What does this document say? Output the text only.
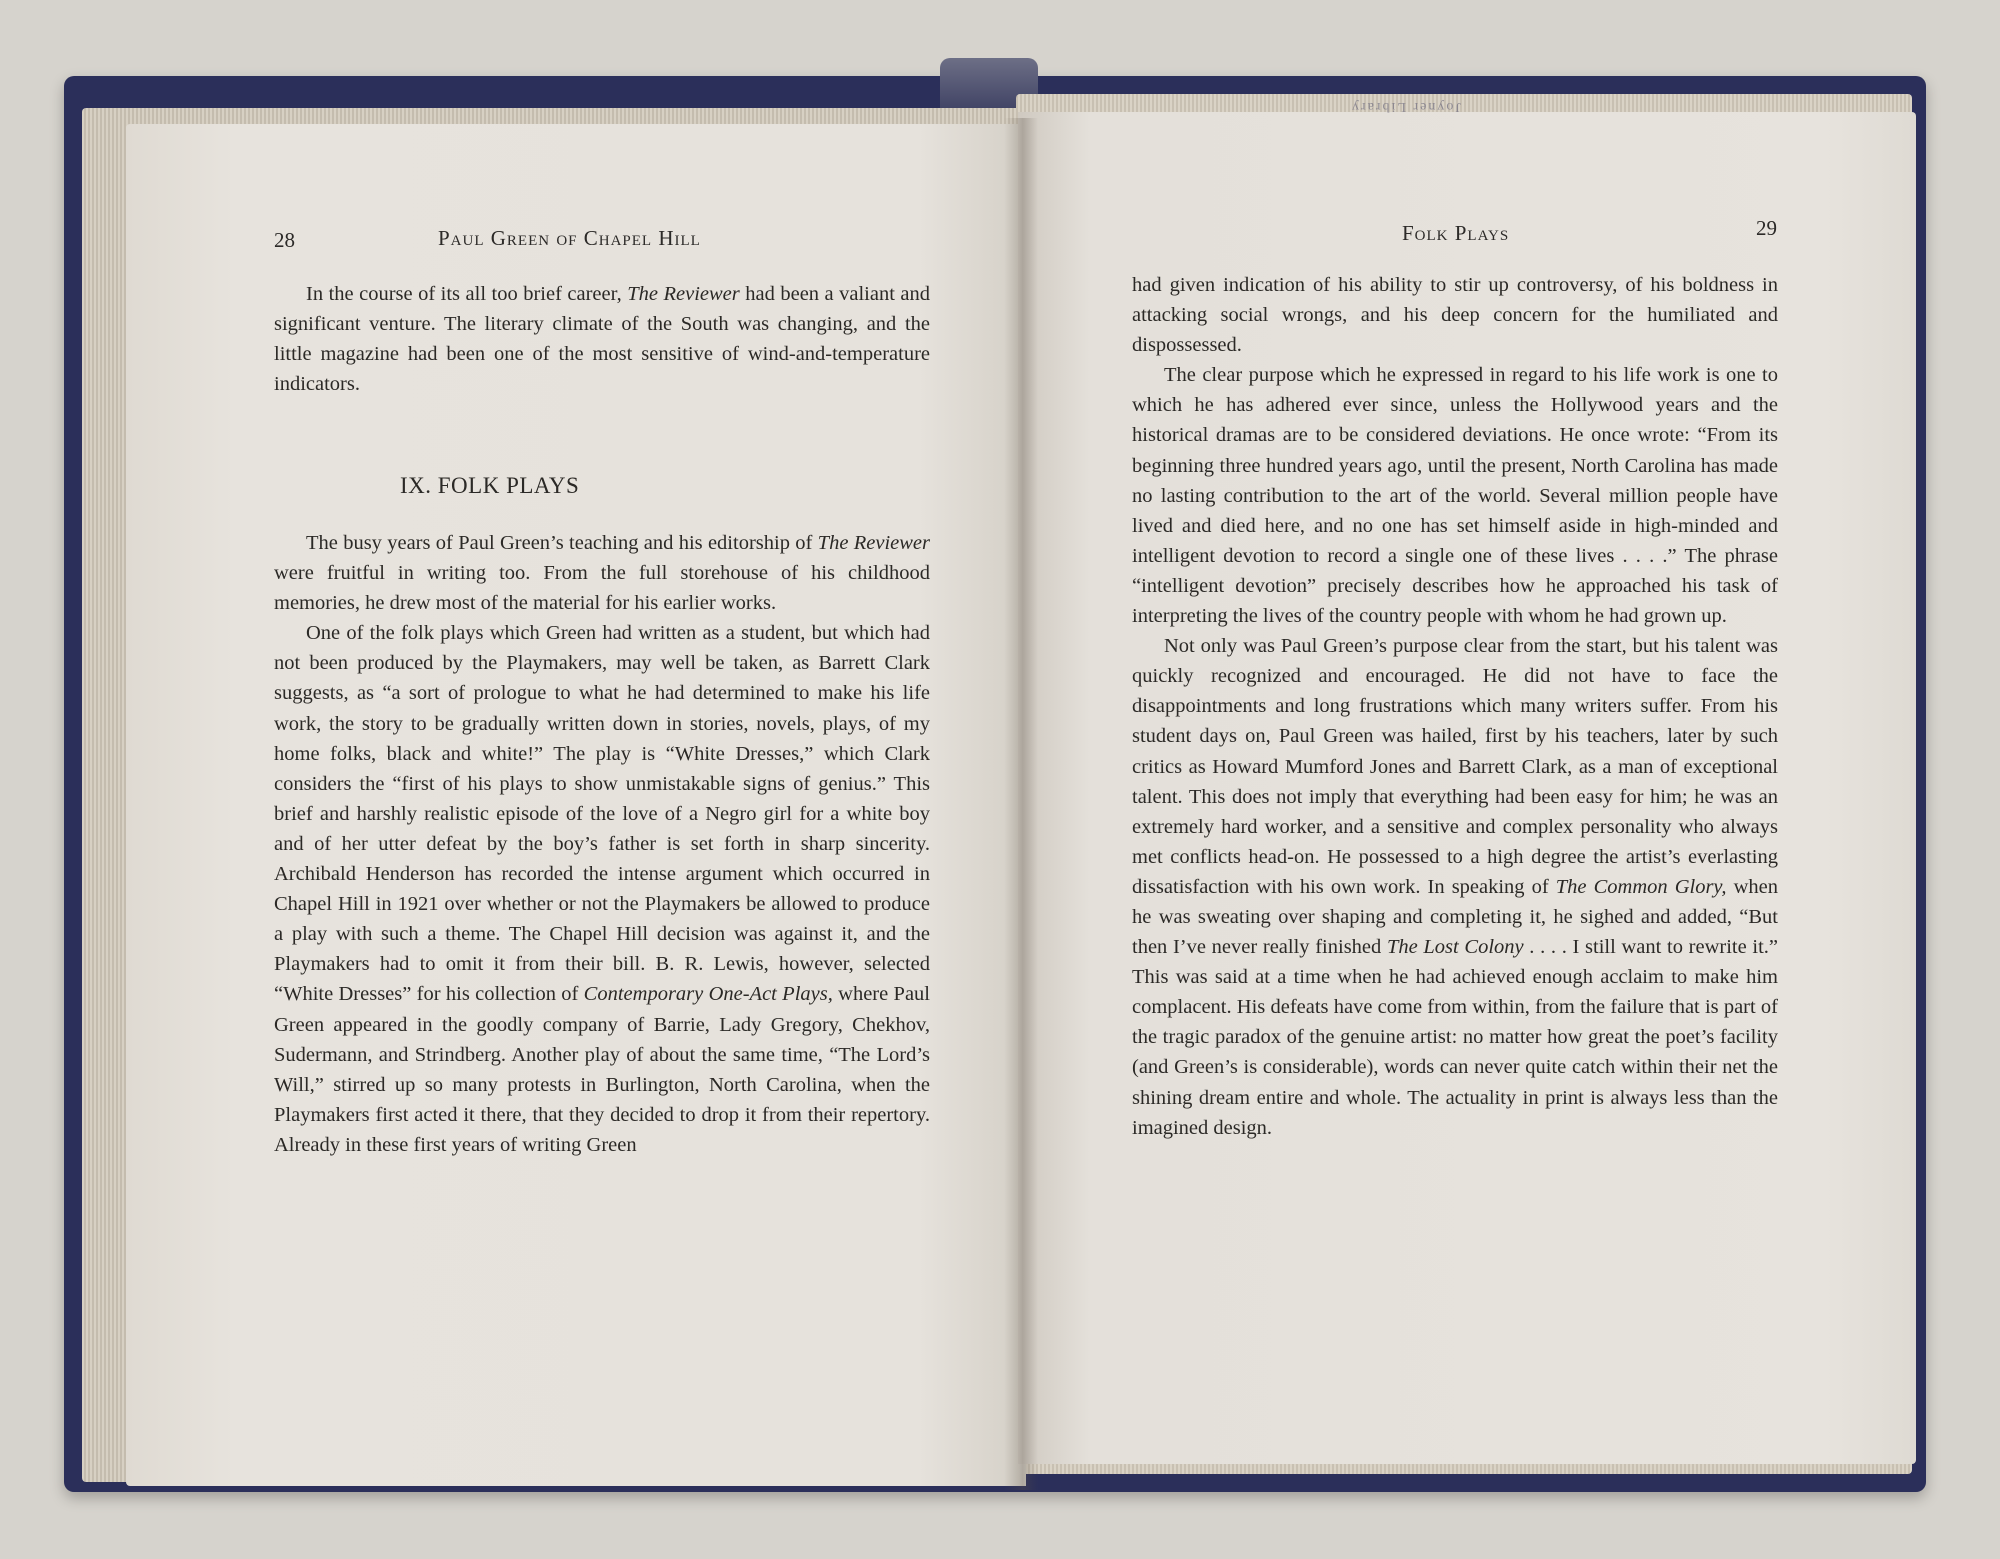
Joyner Library
28	Paul Green of Chapel Hill

In the course of its all too brief career, The Reviewer had been a valiant and significant venture. The literary climate of the South was changing, and the little magazine had been one of the most sensitive of wind-and-temperature indicators.

IX. FOLK PLAYS

The busy years of Paul Green’s teaching and his editorship of The Reviewer were fruitful in writing too. From the full storehouse of his childhood memories, he drew most of the material for his earlier works.

One of the folk plays which Green had written as a student, but which had not been produced by the Playmakers, may well be taken, as Barrett Clark suggests, as “a sort of prologue to what he had determined to make his life work, the story to be gradually written down in stories, novels, plays, of my home folks, black and white!” The play is “White Dresses,” which Clark considers the “first of his plays to show unmistakable signs of genius.” This brief and harshly realistic episode of the love of a Negro girl for a white boy and of her utter defeat by the boy’s father is set forth in sharp sincerity. Archibald Henderson has recorded the intense argument which occurred in Chapel Hill in 1921 over whether or not the Playmakers be allowed to produce a play with such a theme. The Chapel Hill decision was against it, and the Playmakers had to omit it from their bill. B. R. Lewis, however, selected “White Dresses” for his collection of Contemporary One-Act Plays, where Paul Green appeared in the goodly company of Barrie, Lady Gregory, Chekhov, Sudermann, and Strindberg. Another play of about the same time, “The Lord’s Will,” stirred up so many protests in Burlington, North Carolina, when the Playmakers first acted it there, that they decided to drop it from their repertory. Already in these first years of writing Green

Folk Plays	29

had given indication of his ability to stir up controversy, of his boldness in attacking social wrongs, and his deep concern for the humiliated and dispossessed.

The clear purpose which he expressed in regard to his life work is one to which he has adhered ever since, unless the Hollywood years and the historical dramas are to be considered deviations. He once wrote: “From its beginning three hundred years ago, until the present, North Carolina has made no lasting contribution to the art of the world. Several million people have lived and died here, and no one has set himself aside in high-minded and intelligent devotion to record a single one of these lives . . . .” The phrase “intelligent devotion” precisely describes how he approached his task of interpreting the lives of the country people with whom he had grown up.

Not only was Paul Green’s purpose clear from the start, but his talent was quickly recognized and encouraged. He did not have to face the disappointments and long frustrations which many writers suffer. From his student days on, Paul Green was hailed, first by his teachers, later by such critics as Howard Mumford Jones and Barrett Clark, as a man of exceptional talent. This does not imply that everything had been easy for him; he was an extremely hard worker, and a sensitive and complex personality who always met conflicts head-on. He possessed to a high degree the artist’s everlasting dissatisfaction with his own work. In speaking of The Common Glory, when he was sweating over shaping and completing it, he sighed and added, “But then I’ve never really finished The Lost Colony . . . . I still want to rewrite it.” This was said at a time when he had achieved enough acclaim to make him complacent. His defeats have come from within, from the failure that is part of the tragic paradox of the genuine artist: no matter how great the poet’s facility (and Green’s is considerable), words can never quite catch within their net the shining dream entire and whole. The actuality in print is always less than the imagined design.
